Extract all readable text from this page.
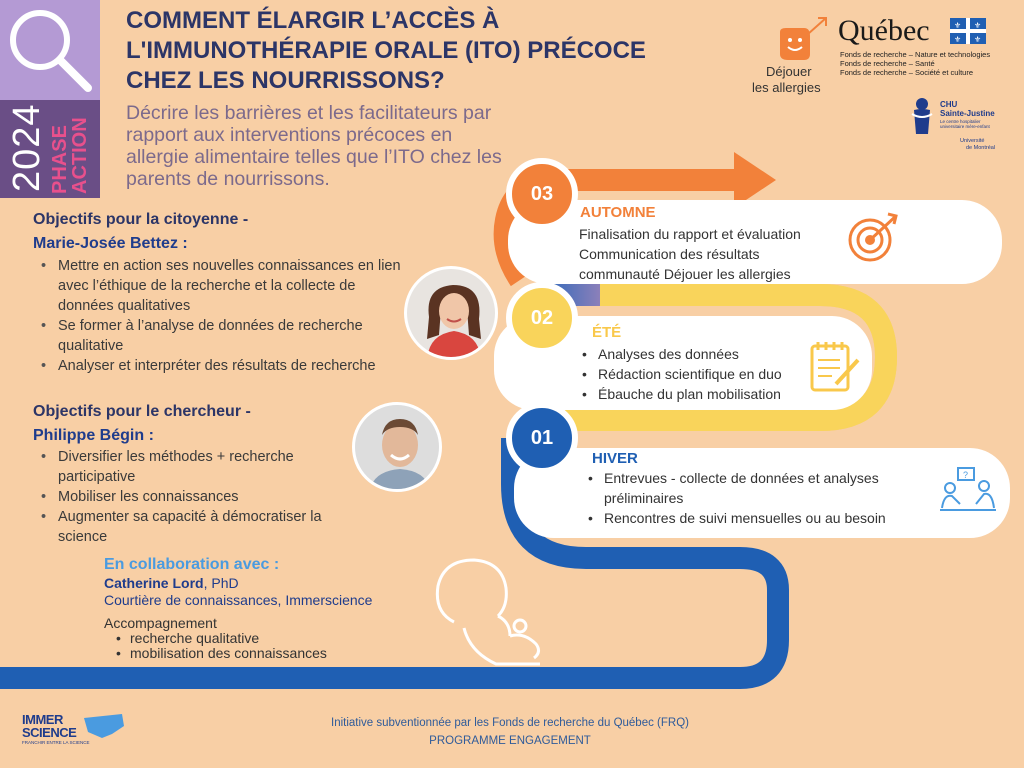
2024 PHASE
ACTION
COMMENT ÉLARGIR L’ACCÈS À L'IMMUNOTHÉRAPIE ORALE (ITO) PRÉCOCE CHEZ LES NOURRISSONS?
Décrire les barrières et les facilitateurs par rapport aux interventions précoces en allergie alimentaire telles que l’ITO chez les parents de nourrissons.
Déjouer
les allergies
Québec	⚜ ⚜
⚜ ⚜
Fonds de recherche – Nature et technologies
Fonds de recherche – Santé
Fonds de recherche – Société et culture
CHU
Sainte-Justine
Le centre hospitalier universitaire mère-enfant
Université
de Montréal
Objectifs pour la citoyenne -
Marie-Josée Bettez :
• Mettre en action ses nouvelles connaissances en lien avec l’éthique de la recherche et la collecte de données qualitatives
• Se former à l’analyse de données de recherche qualitative
• Analyser et interpréter des résultats de recherche
Objectifs pour le chercheur -
Philippe Bégin :
• Diversifier les méthodes + recherche participative
• Mobiliser les connaissances
• Augmenter sa capacité à démocratiser la science
En collaboration avec :
Catherine Lord, PhD
Courtière de connaissances, Immerscience
Accompagnement
• recherche qualitative
• mobilisation des connaissances
03
AUTOMNE
Finalisation du rapport et évaluation
Communication des résultats
communauté Déjouer les allergies
02
ÉTÉ
• Analyses des données
• Rédaction scientifique en duo
• Ébauche du plan mobilisation
01
HIVER
• Entrevues - collecte de données et analyses préliminaires
• Rencontres de suivi mensuelles ou au besoin
?
IMMER
SCIENCE
FRANCHIR ENTRE LA SCIENCE
Initiative subventionnée par les Fonds de recherche du Québec (FRQ)
PROGRAMME ENGAGEMENT
